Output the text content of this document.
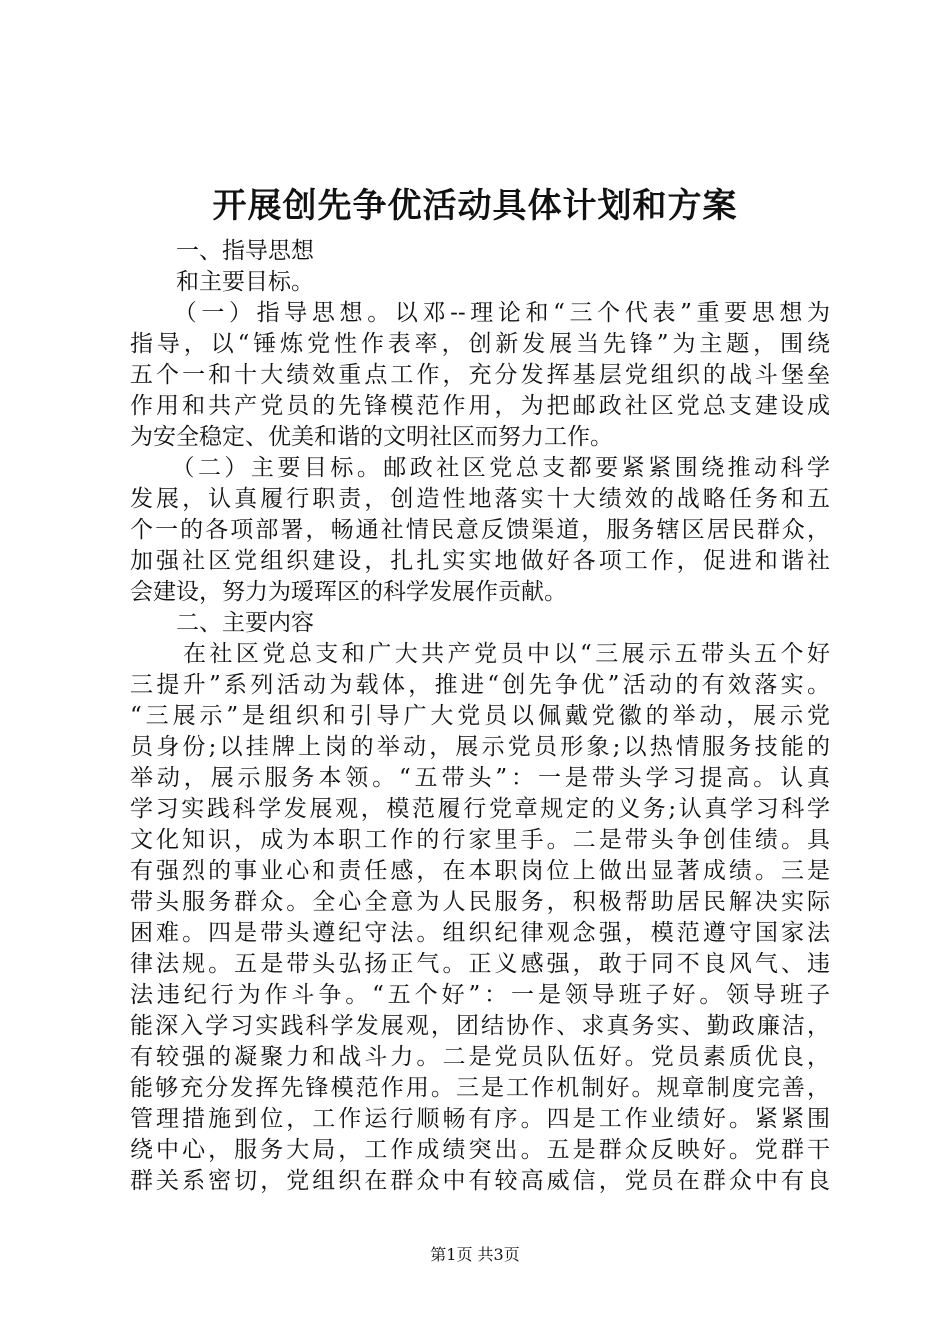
开展创先争优活动具体计划和方案

　　一、指导思想

　　和主要目标。

　　（一）指导思想。以邓--理论和“三个代表”重要思想为

指导，以“锤炼党性作表率，创新发展当先锋”为主题，围绕

五个一和十大绩效重点工作，充分发挥基层党组织的战斗堡垒

作用和共产党员的先锋模范作用，为把邮政社区党总支建设成

为安全稳定、优美和谐的文明社区而努力工作。

　　（二）主要目标。邮政社区党总支都要紧紧围绕推动科学

发展，认真履行职责，创造性地落实十大绩效的战略任务和五

个一的各项部署，畅通社情民意反馈渠道，服务辖区居民群众，

加强社区党组织建设，扎扎实实地做好各项工作，促进和谐社

会建设，努力为瑷珲区的科学发展作贡献。

　　二、主要内容

　　在社区党总支和广大共产党员中以“三展示五带头五个好

三提升”系列活动为载体，推进“创先争优”活动的有效落实。

“三展示”是组织和引导广大党员以佩戴党徽的举动，展示党

员身份;以挂牌上岗的举动，展示党员形象;以热情服务技能的

举动，展示服务本领。“五带头”：一是带头学习提高。认真

学习实践科学发展观，模范履行党章规定的义务;认真学习科学

文化知识，成为本职工作的行家里手。二是带头争创佳绩。具

有强烈的事业心和责任感，在本职岗位上做出显著成绩。三是

带头服务群众。全心全意为人民服务，积极帮助居民解决实际

困难。四是带头遵纪守法。组织纪律观念强，模范遵守国家法

律法规。五是带头弘扬正气。正义感强，敢于同不良风气、违

法违纪行为作斗争。“五个好”：一是领导班子好。领导班子

能深入学习实践科学发展观，团结协作、求真务实、勤政廉洁，

有较强的凝聚力和战斗力。二是党员队伍好。党员素质优良，

能够充分发挥先锋模范作用。三是工作机制好。规章制度完善，

管理措施到位，工作运行顺畅有序。四是工作业绩好。紧紧围

绕中心，服务大局，工作成绩突出。五是群众反映好。党群干

群关系密切，党组织在群众中有较高威信，党员在群众中有良

第1页 共3页
